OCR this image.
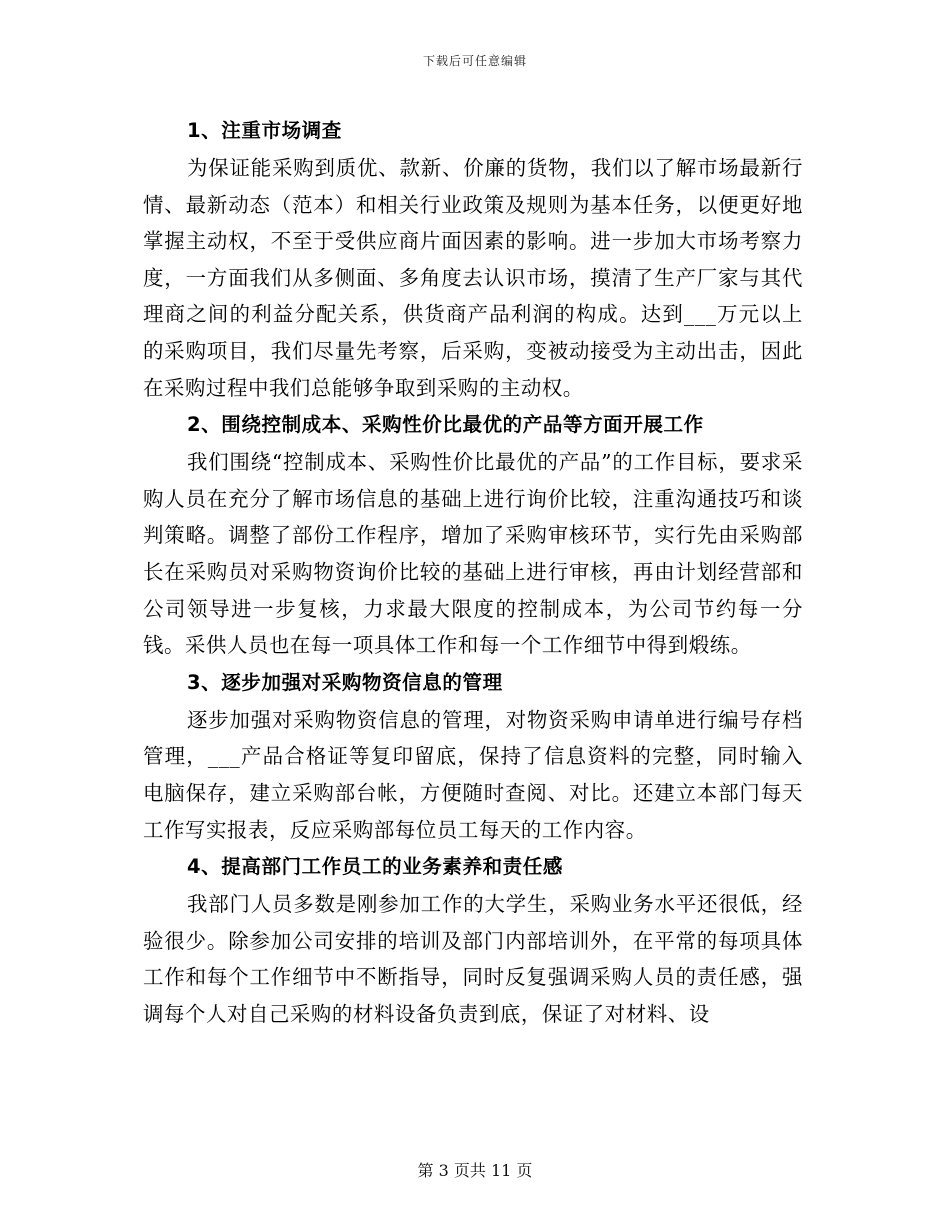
下载后可任意编辑
1、注重市场调查

为保证能采购到质优、款新、价廉的货物，我们以了解市场最新行情、最新动态（范本）和相关行业政策及规则为基本任务，以便更好地掌握主动权，不至于受供应商片面因素的影响。进一步加大市场考察力度，一方面我们从多侧面、多角度去认识市场，摸清了生产厂家与其代理商之间的利益分配关系，供货商产品利润的构成。达到___万元以上的采购项目，我们尽量先考察，后采购，变被动接受为主动出击，因此在采购过程中我们总能够争取到采购的主动权。

2、围绕控制成本、采购性价比最优的产品等方面开展工作

我们围绕“控制成本、采购性价比最优的产品”的工作目标，要求采购人员在充分了解市场信息的基础上进行询价比较，注重沟通技巧和谈判策略。调整了部份工作程序，增加了采购审核环节，实行先由采购部长在采购员对采购物资询价比较的基础上进行审核，再由计划经营部和公司领导进一步复核，力求最大限度的控制成本，为公司节约每一分钱。采供人员也在每一项具体工作和每一个工作细节中得到煅练。

3、逐步加强对采购物资信息的管理

逐步加强对采购物资信息的管理，对物资采购申请单进行编号存档管理，___产品合格证等复印留底，保持了信息资料的完整，同时输入电脑保存，建立采购部台帐，方便随时查阅、对比。还建立本部门每天工作写实报表，反应采购部每位员工每天的工作内容。

4、提高部门工作员工的业务素养和责任感

我部门人员多数是刚参加工作的大学生，采购业务水平还很低，经验很少。除参加公司安排的培训及部门内部培训外，在平常的每项具体工作和每个工作细节中不断指导，同时反复强调采购人员的责任感，强调每个人对自己采购的材料设备负责到底，保证了对材料、设

第 3 页共 11 页
